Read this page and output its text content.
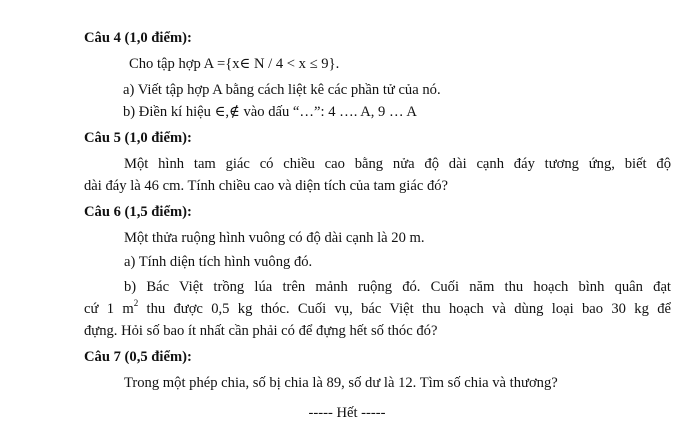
Câu 4 (1,0 điểm):
Cho tập hợp A ={x∈ N / 4 < x ≤ 9}.
a) Viết tập hợp A bằng cách liệt kê các phần tử của nó.
b) Điền kí hiệu ∈,∉ vào dấu “…”: 4 …. A, 9 … A
Câu 5 (1,0 điểm):
Một hình tam giác có chiều cao bằng nửa độ dài cạnh đáy tương ứng, biết độ
dài đáy là 46 cm. Tính chiều cao và diện tích của tam giác đó?
Câu 6 (1,5 điểm):
Một thửa ruộng hình vuông có độ dài cạnh là 20 m.
a) Tính diện tích hình vuông đó.
b) Bác Việt trồng lúa trên mảnh ruộng đó. Cuối năm thu hoạch bình quân đạt
cứ 1 $m^2$ thu được 0,5 kg thóc. Cuối vụ, bác Việt thu hoạch và dùng loại bao 30 kg để
đựng. Hỏi số bao ít nhất cần phải có để đựng hết số thóc đó?
Câu 7 (0,5 điểm):
Trong một phép chia, số bị chia là 89, số dư là 12. Tìm số chia và thương?
----- Hết -----
